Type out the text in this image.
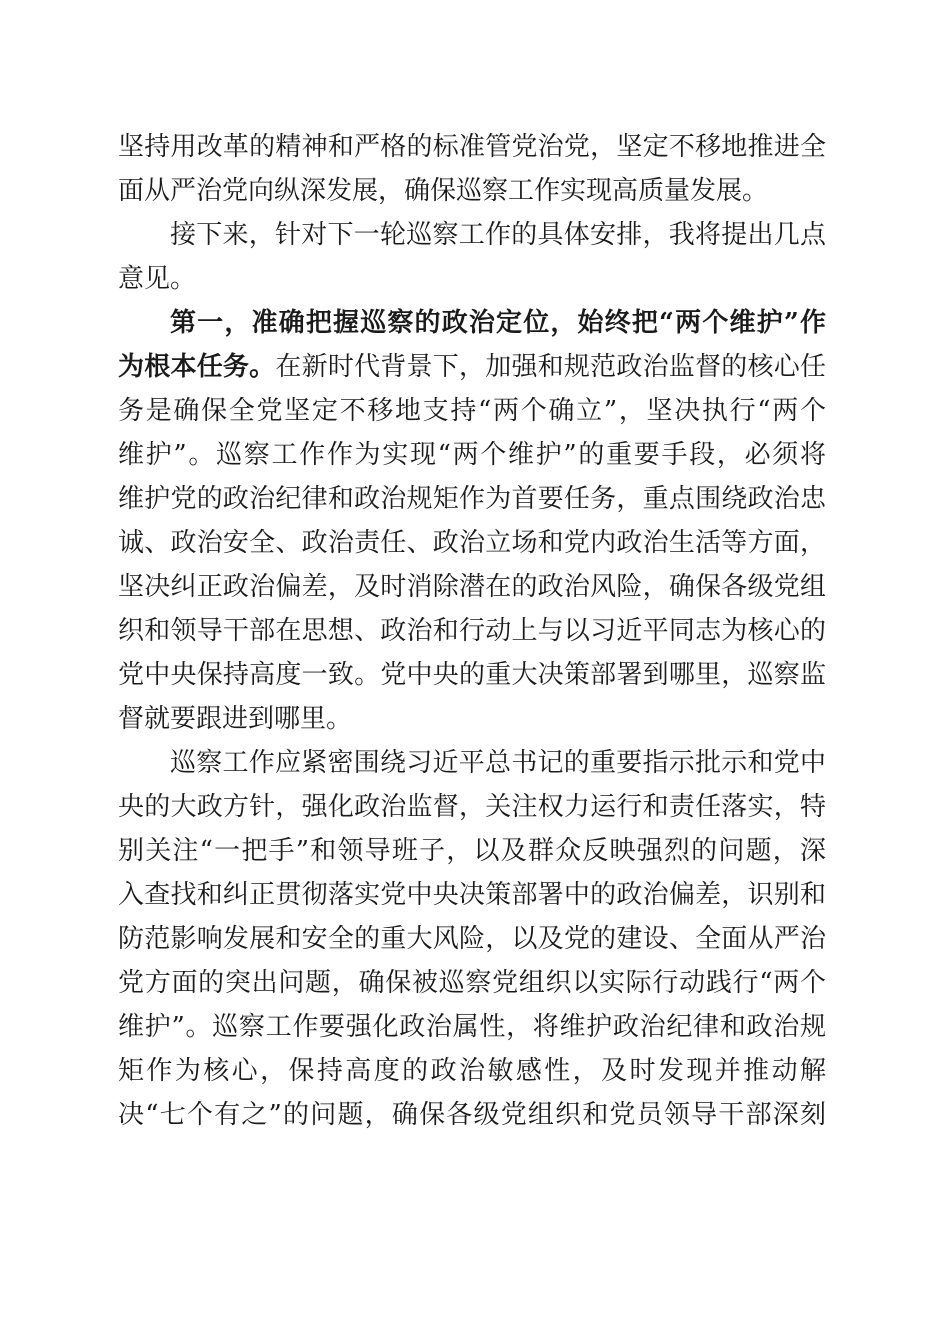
坚持用改革的精神和严格的标准管党治党，坚定不移地推进全
面从严治党向纵深发展，确保巡察工作实现高质量发展。
接下来，针对下一轮巡察工作的具体安排，我将提出几点
意见。
第一，准确把握巡察的政治定位，始终把“两个维护”作
为根本任务。在新时代背景下，加强和规范政治监督的核心任
务是确保全党坚定不移地支持“两个确立”，坚决执行“两个
维护”。巡察工作作为实现“两个维护”的重要手段，必须将
维护党的政治纪律和政治规矩作为首要任务，重点围绕政治忠
诚、政治安全、政治责任、政治立场和党内政治生活等方面，
坚决纠正政治偏差，及时消除潜在的政治风险，确保各级党组
织和领导干部在思想、政治和行动上与以习近平同志为核心的
党中央保持高度一致。党中央的重大决策部署到哪里，巡察监
督就要跟进到哪里。
巡察工作应紧密围绕习近平总书记的重要指示批示和党中
央的大政方针，强化政治监督，关注权力运行和责任落实，特
别关注“一把手”和领导班子，以及群众反映强烈的问题，深
入查找和纠正贯彻落实党中央决策部署中的政治偏差，识别和
防范影响发展和安全的重大风险，以及党的建设、全面从严治
党方面的突出问题，确保被巡察党组织以实际行动践行“两个
维护”。巡察工作要强化政治属性，将维护政治纪律和政治规
矩作为核心，保持高度的政治敏感性，及时发现并推动解
决“七个有之”的问题，确保各级党组织和党员领导干部深刻
